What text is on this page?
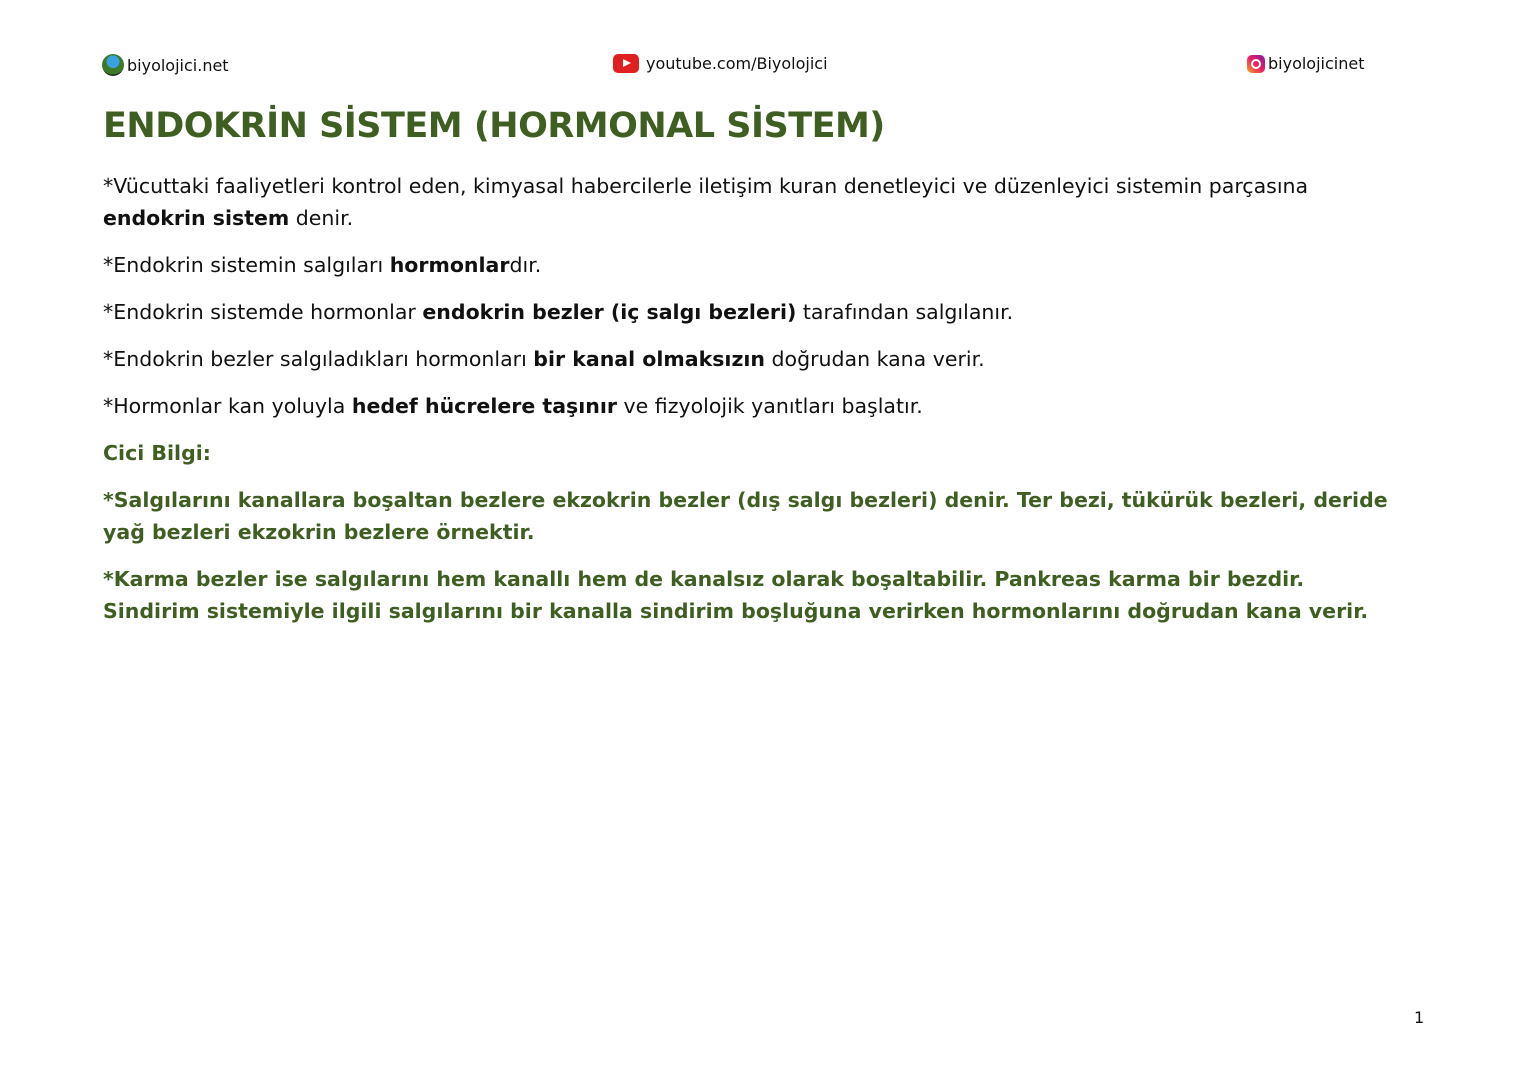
biyolojici.net	youtube.com/Biyolojici	biyolojicinet
ENDOKRİN SİSTEM (HORMONAL SİSTEM)

*Vücuttaki faaliyetleri kontrol eden, kimyasal habercilerle iletişim kuran denetleyici ve düzenleyici sistemin parçasına endokrin sistem denir.

*Endokrin sistemin salgıları hormonlardır.

*Endokrin sistemde hormonlar endokrin bezler (iç salgı bezleri) tarafından salgılanır.

*Endokrin bezler salgıladıkları hormonları bir kanal olmaksızın doğrudan kana verir.

*Hormonlar kan yoluyla hedef hücrelere taşınır ve fizyolojik yanıtları başlatır.

Cici Bilgi:

*Salgılarını kanallara boşaltan bezlere ekzokrin bezler (dış salgı bezleri) denir. Ter bezi, tükürük bezleri, deride yağ bezleri ekzokrin bezlere örnektir.

*Karma bezler ise salgılarını hem kanallı hem de kanalsız olarak boşaltabilir. Pankreas karma bir bezdir. Sindirim sistemiyle ilgili salgılarını bir kanalla sindirim boşluğuna verirken hormonlarını doğrudan kana verir.

1
